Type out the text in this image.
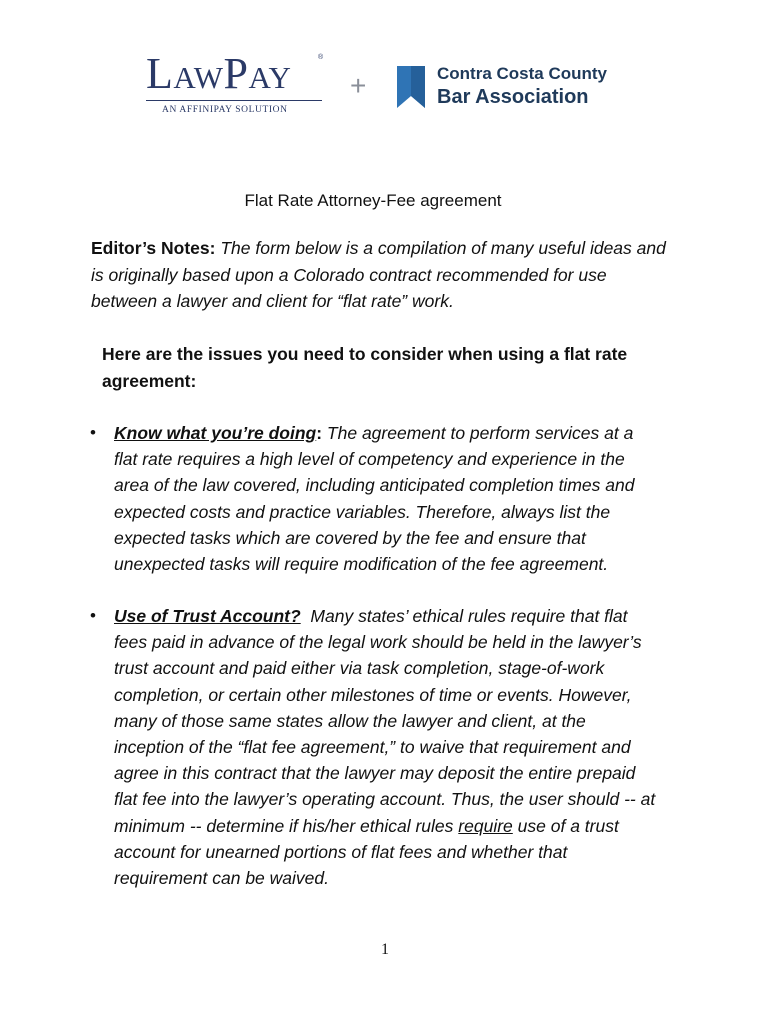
LawPay	®
AN AFFINIPAY SOLUTION
+	Contra Costa County
Bar Association
Flat Rate Attorney-Fee agreement
Editor’s Notes: The form below is a compilation of many useful ideas and is originally based upon a Colorado contract recommended for use between a lawyer and client for “flat rate” work.
Here are the issues you need to consider when using a flat rate agreement:
• Know what you’re doing: The agreement to perform services at a flat rate requires a high level of competency and experience in the area of the law covered, including anticipated completion times and expected costs and practice variables. Therefore, always list the expected tasks which are covered by the fee and ensure that unexpected tasks will require modification of the fee agreement.
• Use of Trust Account? Many states’ ethical rules require that flat fees paid in advance of the legal work should be held in the lawyer’s trust account and paid either via task completion, stage-of-work completion, or certain other milestones of time or events. However, many of those same states allow the lawyer and client, at the inception of the “flat fee agreement,” to waive that requirement and agree in this contract that the lawyer may deposit the entire prepaid flat fee into the lawyer’s operating account. Thus, the user should -- at minimum -- determine if his/her ethical rules require use of a trust account for unearned portions of flat fees and whether that requirement can be waived.
1
